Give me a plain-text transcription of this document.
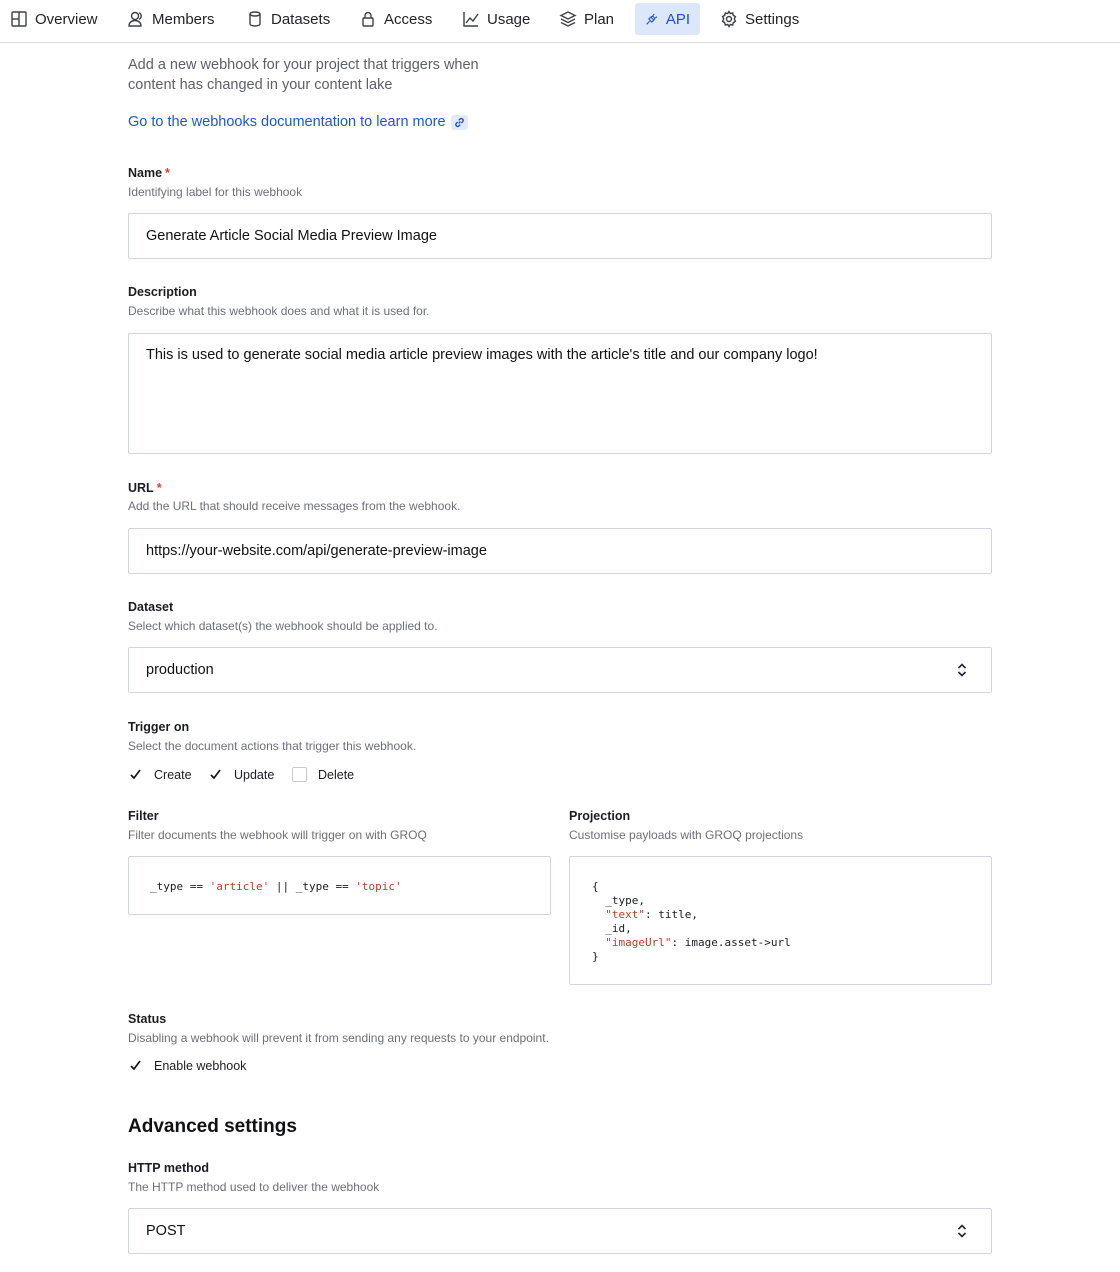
Overview	Members	Datasets	Access	Usage	Plan	API	Settings
Add a new webhook for your project that triggers when
content has changed in your content lake
Go to the webhooks documentation to learn more
Name *
Identifying label for this webhook
Generate Article Social Media Preview Image
Description
Describe what this webhook does and what it is used for.
This is used to generate social media article preview images with the article's title and our company logo!
URL *
Add the URL that should receive messages from the webhook.
https://your-website.com/api/generate-preview-image
Dataset
Select which dataset(s) the webhook should be applied to.
production
Trigger on
Select the document actions that trigger this webhook.
Create	Update	Delete
Filter
Filter documents the webhook will trigger on with GROQ
_type == 'article' || _type == 'topic'
Projection
Customise payloads with GROQ projections
{
_type,
"text": title,
_id,
"imageUrl": image.asset->url
}
Status
Disabling a webhook will prevent it from sending any requests to your endpoint.
Enable webhook
Advanced settings
HTTP method
The HTTP method used to deliver the webhook
POST
